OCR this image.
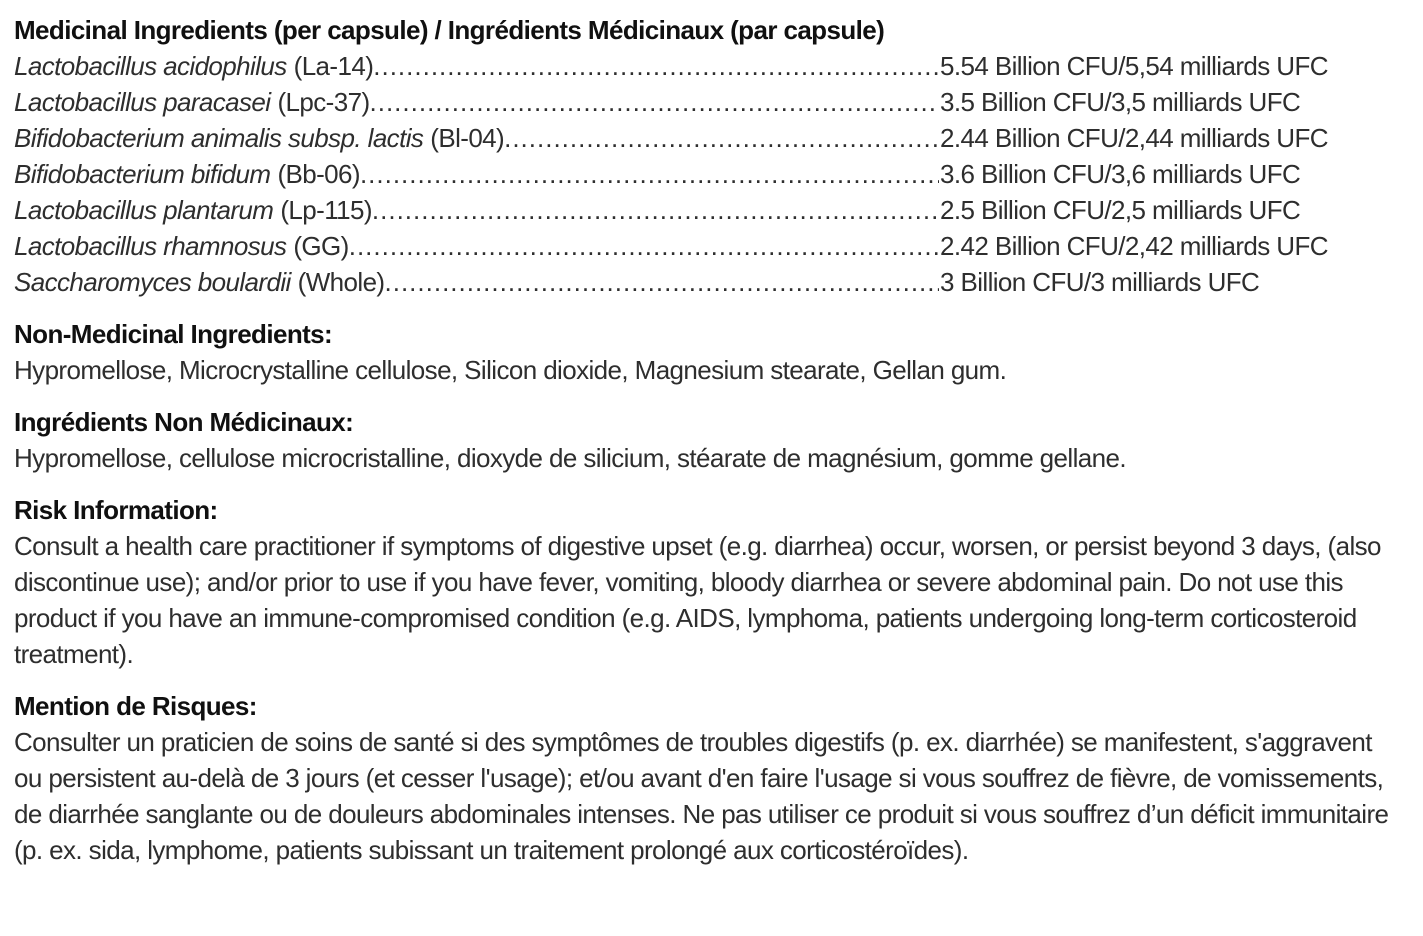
Medicinal Ingredients (per capsule) / Ingrédients Médicinaux (par capsule)

Lactobacillus acidophilus (La-14) .....	5.54 Billion CFU/5,54 milliards UFC
Lactobacillus paracasei (Lpc-37) .....	3.5 Billion CFU/3,5 milliards UFC
Bifidobacterium animalis subsp. lactis (Bl-04) .....	2.44 Billion CFU/2,44 milliards UFC
Bifidobacterium bifidum (Bb-06) .....	3.6 Billion CFU/3,6 milliards UFC
Lactobacillus plantarum (Lp-115) .....	2.5 Billion CFU/2,5 milliards UFC
Lactobacillus rhamnosus (GG) .....	2.42 Billion CFU/2,42 milliards UFC
Saccharomyces boulardii (Whole) .....	3 Billion CFU/3 milliards UFC

Non-Medicinal Ingredients:

Hypromellose, Microcrystalline cellulose, Silicon dioxide, Magnesium stearate, Gellan gum.

Ingrédients Non Médicinaux:

Hypromellose, cellulose microcristalline, dioxyde de silicium, stéarate de magnésium, gomme gellane.

Risk Information:

Consult a health care practitioner if symptoms of digestive upset (e.g. diarrhea) occur, worsen, or persist beyond 3 days, (also discontinue use); and/or prior to use if you have fever, vomiting, bloody diarrhea or severe abdominal pain. Do not use this product if you have an immune-compromised condition (e.g. AIDS, lymphoma, patients undergoing long-term corticosteroid treatment).

Mention de Risques:

Consulter un praticien de soins de santé si des symptômes de troubles digestifs (p. ex. diarrhée) se manifestent, s'aggravent ou persistent au-delà de 3 jours (et cesser l'usage); et/ou avant d'en faire l'usage si vous souffrez de fièvre, de vomissements, de diarrhée sanglante ou de douleurs abdominales intenses. Ne pas utiliser ce produit si vous souffrez d’un déficit immunitaire (p. ex. sida, lymphome, patients subissant un traitement prolongé aux corticostéroïdes).
